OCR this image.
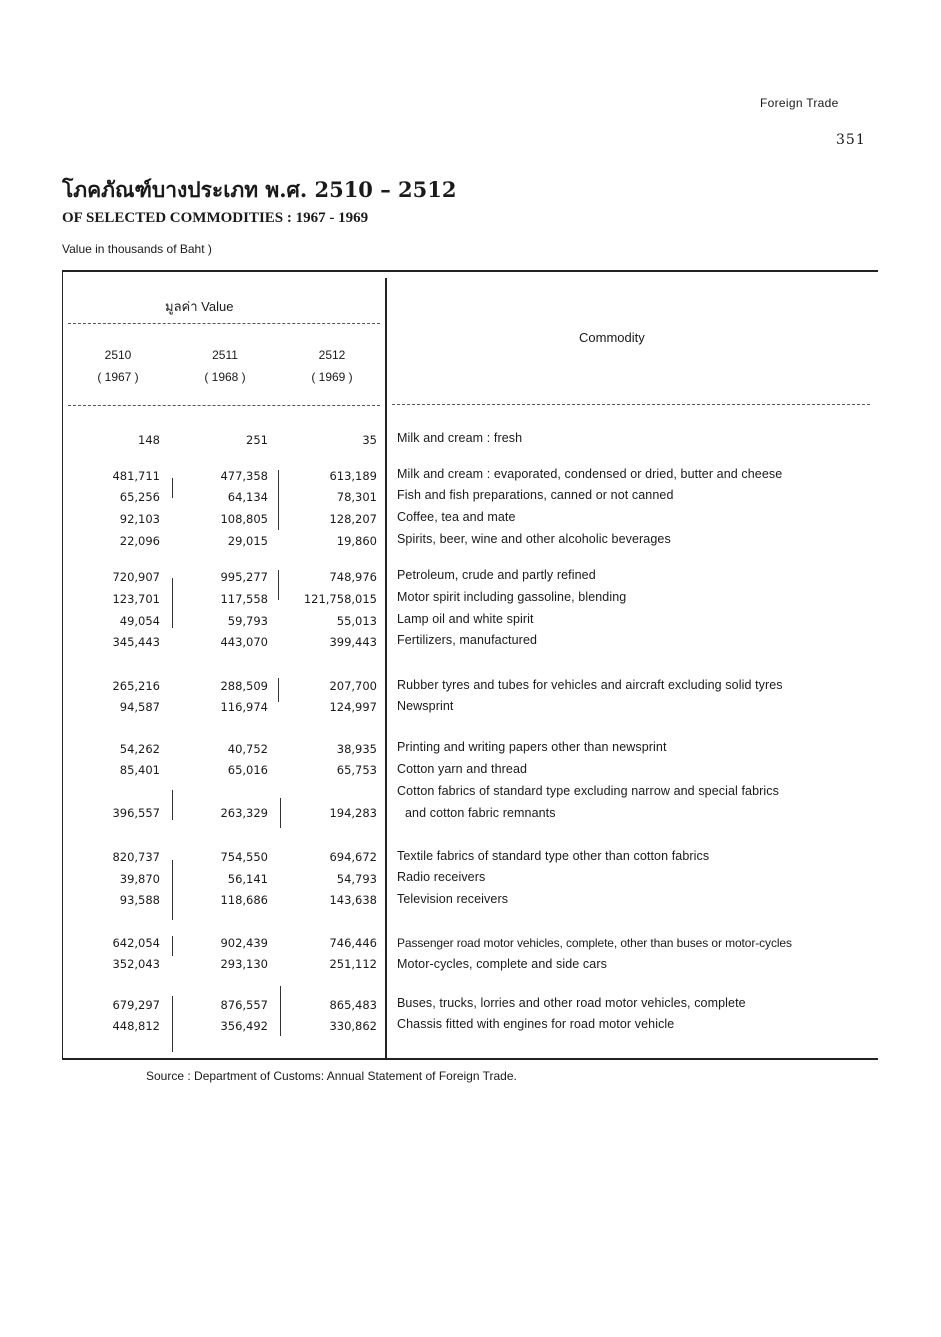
Foreign Trade
351
โภคภัณฑ์บางประเภท พ.ศ. 2510 – 2512
OF SELECTED COMMODITIES : 1967 - 1969
Value in thousands of Baht )
มูลค่า Value
Commodity
2510
( 1967 )
2511
( 1968 )
2512
( 1969 )
148	251	35 Milk and cream : fresh
481,711	477,358	613,189 Milk and cream : evaporated, condensed or dried, butter and cheese
65,256	64,134	78,301 Fish and fish preparations, canned or not canned
92,103	108,805	128,207 Coffee, tea and mate
22,096	29,015	19,860 Spirits, beer, wine and other alcoholic beverages
720,907	995,277	748,976 Petroleum, crude and partly refined
123,701	117,558	121,758,015 Motor spirit including gassoline, blending
49,054	59,793	55,013 Lamp oil and white spirit
345,443	443,070	399,443 Fertilizers, manufactured
265,216	288,509	207,700 Rubber tyres and tubes for vehicles and aircraft excluding solid tyres
94,587	116,974	124,997 Newsprint
54,262	40,752	38,935 Printing and writing papers other than newsprint
85,401	65,016	65,753 Cotton yarn and thread
396,557	263,329	194,283
Cotton fabrics of standard type excluding narrow and special fabrics
and cotton fabric remnants
820,737	754,550	694,672 Textile fabrics of standard type other than cotton fabrics
39,870	56,141	54,793 Radio receivers
93,588	118,686	143,638 Television receivers
642,054	902,439	746,446 Passenger road motor vehicles, complete, other than buses or motor-cycles
352,043	293,130	251,112 Motor-cycles, complete and side cars
679,297	876,557	865,483 Buses, trucks, lorries and other road motor vehicles, complete
448,812	356,492	330,862 Chassis fitted with engines for road motor vehicle
Source : Department of Customs: Annual Statement of Foreign Trade.
